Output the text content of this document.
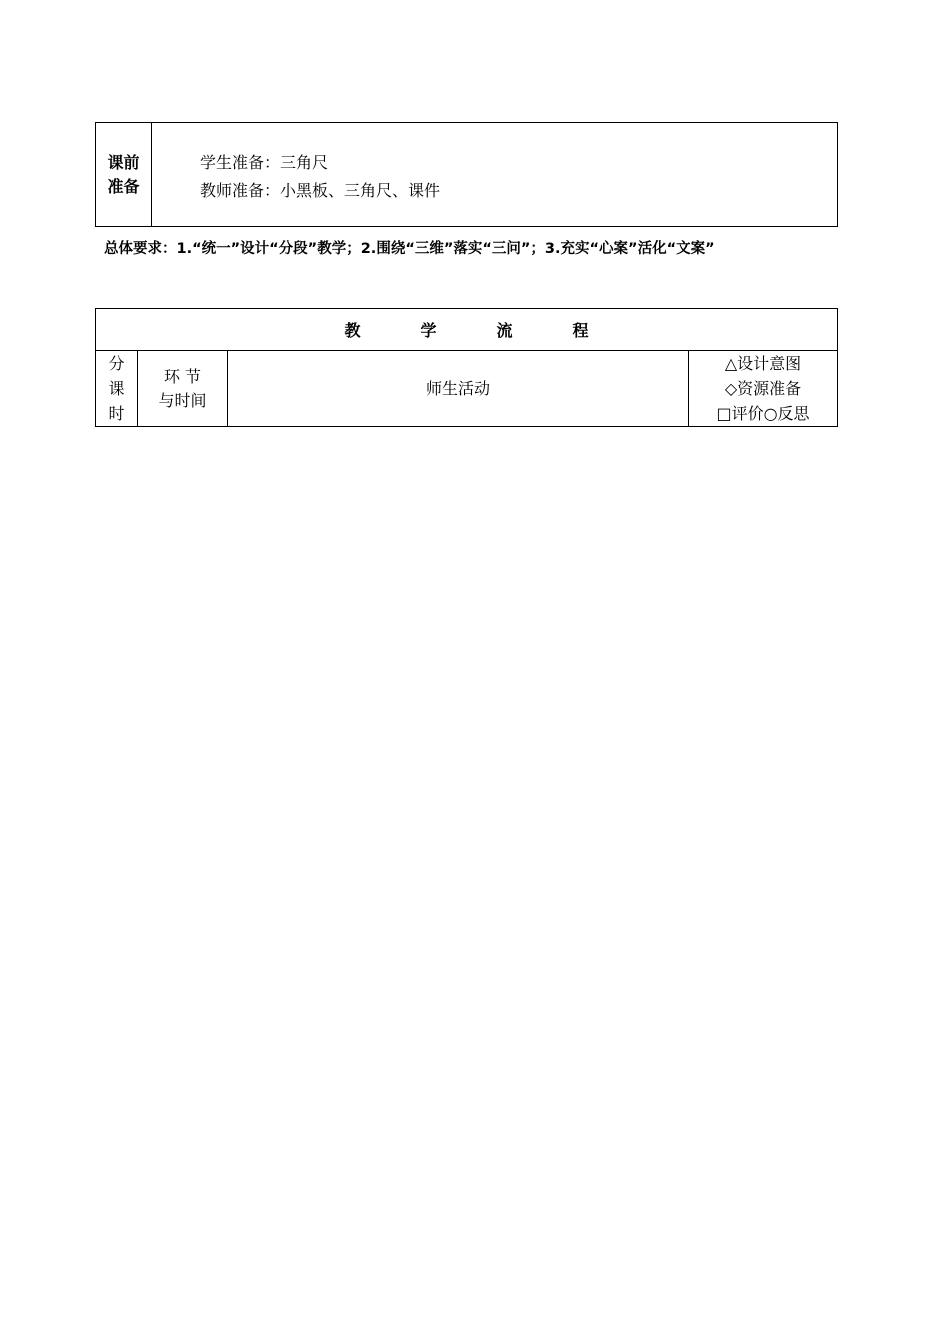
课前
准备
学生准备：三角尺
教师准备：小黑板、三角尺、课件
总体要求：1.“统一”设计“分段”教学；2.围绕“三维”落实“三问”；3.充实“心案”活化“文案”
教学流程
分
课
时
环 节
与时间
师生活动
△设计意图
◇资源准备
□评价○反思
